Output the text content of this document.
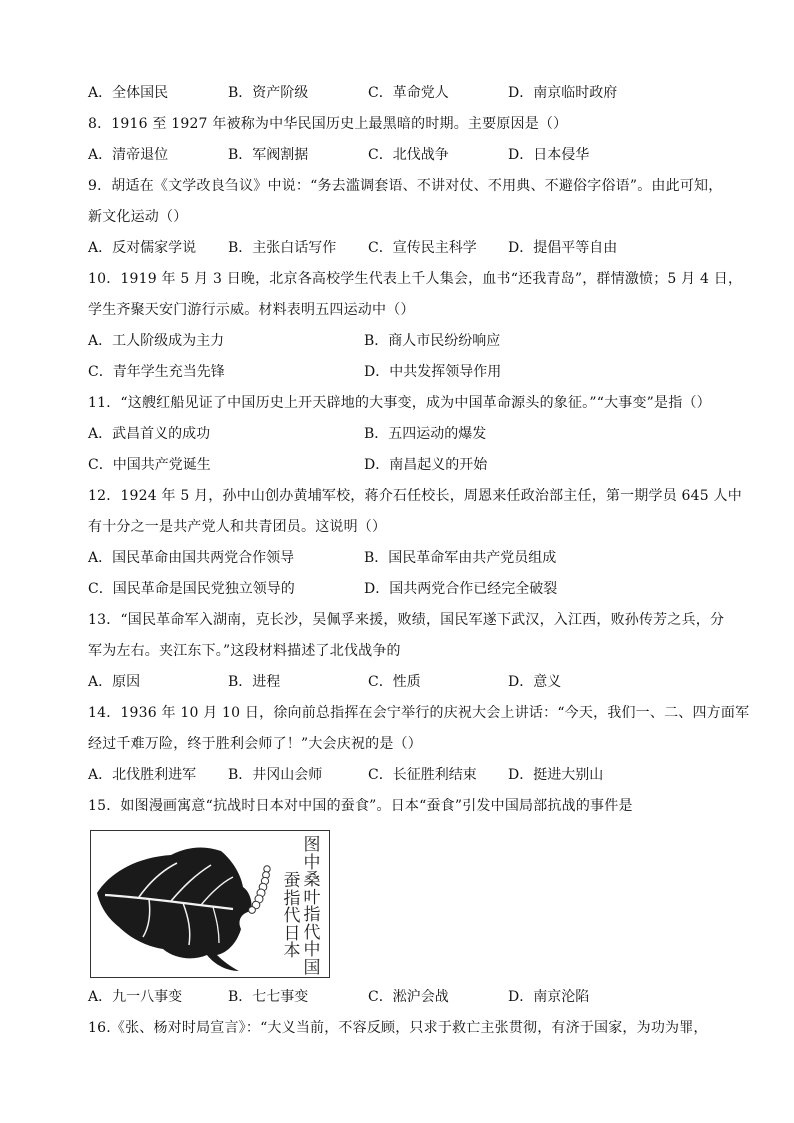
A．全体国民	B．资产阶级	C．革命党人	D．南京临时政府
8．1916 至 1927 年被称为中华民国历史上最黑暗的时期。主要原因是（）
A．清帝退位	B．军阀割据	C．北伐战争	D．日本侵华
9．胡适在《文学改良刍议》中说：“务去滥调套语、不讲对仗、不用典、不避俗字俗语”。由此可知，
新文化运动（）
A．反对儒家学说	B．主张白话写作	C．宣传民主科学	D．提倡平等自由
10．1919 年 5 月 3 日晚，北京各高校学生代表上千人集会，血书“还我青岛”，群情激愤；5 月 4 日，
学生齐聚天安门游行示威。材料表明五四运动中（）
A．工人阶级成为主力	B．商人市民纷纷响应
C．青年学生充当先锋	D．中共发挥领导作用
11．“这艘红船见证了中国历史上开天辟地的大事变，成为中国革命源头的象征。”“大事变”是指（）
A．武昌首义的成功	B．五四运动的爆发
C．中国共产党诞生	D．南昌起义的开始
12．1924 年 5 月，孙中山创办黄埔军校，蒋介石任校长，周恩来任政治部主任，第一期学员 645 人中
有十分之一是共产党人和共青团员。这说明（）
A．国民革命由国共两党合作领导	B．国民革命军由共产党员组成
C．国民革命是国民党独立领导的	D．国共两党合作已经完全破裂
13．“国民革命军入湖南，克长沙，吴佩孚来援，败绩，国民军遂下武汉，入江西，败孙传芳之兵，分
军为左右。夹江东下。”这段材料描述了北伐战争的
A．原因	B．进程	C．性质	D．意义
14．1936 年 10 月 10 日，徐向前总指挥在会宁举行的庆祝大会上讲话：“今天，我们一、二、四方面军
经过千难万险，终于胜利会师了！”大会庆祝的是（）
A．北伐胜利进军	B．井冈山会师	C．长征胜利结束	D．挺进大别山
15．如图漫画寓意“抗战时日本对中国的蚕食”。日本“蚕食”引发中国局部抗战的事件是
图中桑叶指代中国
蚕指代日本
A．九一八事变	B．七七事变	C．淞沪会战	D．南京沦陷
16.《张、杨对时局宣言》：“大义当前，不容反顾，只求于救亡主张贯彻，有济于国家，为功为罪，
